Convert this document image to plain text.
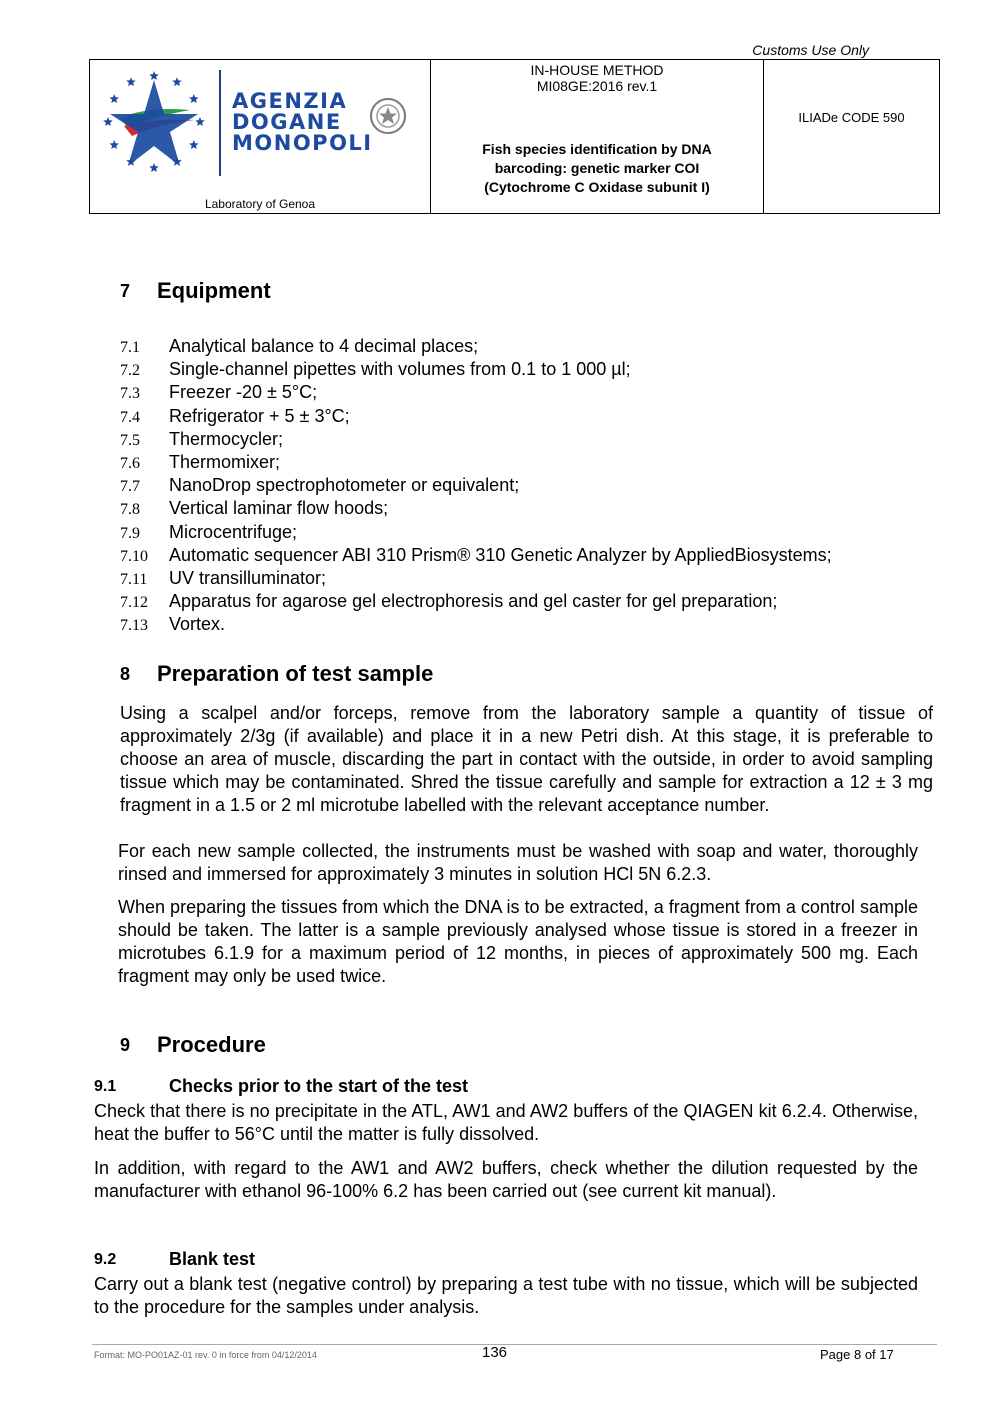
Customs Use Only
AGENZIA
DOGANE
MONOPOLI
Laboratory of Genoa
IN-HOUSE METHOD
MI08GE:2016 rev.1
Fish species identification by DNA
barcoding: genetic marker COI
(Cytochrome C Oxidase subunit I)
ILIADe CODE 590
7 Equipment
7.1 Analytical balance to 4 decimal places;
7.2 Single-channel pipettes with volumes from 0.1 to 1 000 µl;
7.3 Freezer -20 ± 5°C;
7.4 Refrigerator + 5 ± 3°C;
7.5 Thermocycler;
7.6 Thermomixer;
7.7 NanoDrop spectrophotometer or equivalent;
7.8 Vertical laminar flow hoods;
7.9 Microcentrifuge;
7.10 Automatic sequencer ABI 310 Prism® 310 Genetic Analyzer by AppliedBiosystems;
7.11 UV transilluminator;
7.12 Apparatus for agarose gel electrophoresis and gel caster for gel preparation;
7.13 Vortex.
8 Preparation of test sample
Using a scalpel and/or forceps, remove from the laboratory sample a quantity of tissue of approximately 2/3g (if available) and place it in a new Petri dish. At this stage, it is preferable to choose an area of muscle, discarding the part in contact with the outside, in order to avoid sampling tissue which may be contaminated. Shred the tissue carefully and sample for extraction a 12 ± 3 mg fragment in a 1.5 or 2 ml microtube labelled with the relevant acceptance number.
For each new sample collected, the instruments must be washed with soap and water, thoroughly rinsed and immersed for approximately 3 minutes in solution HCl 5N 6.2.3.
When preparing the tissues from which the DNA is to be extracted, a fragment from a control sample should be taken. The latter is a sample previously analysed whose tissue is stored in a freezer in microtubes 6.1.9 for a maximum period of 12 months, in pieces of approximately 500 mg. Each fragment may only be used twice.
9 Procedure
9.1	Checks prior to the start of the test
Check that there is no precipitate in the ATL, AW1 and AW2 buffers of the QIAGEN kit 6.2.4. Otherwise, heat the buffer to 56°C until the matter is fully dissolved.
In addition, with regard to the AW1 and AW2 buffers, check whether the dilution requested by the manufacturer with ethanol 96-100% 6.2 has been carried out (see current kit manual).
9.2	Blank test
Carry out a blank test (negative control) by preparing a test tube with no tissue, which will be subjected to the procedure for the samples under analysis.
Format: MO-PO01AZ-01 rev. 0 in force from 04/12/2014	136	Page 8 of 17
